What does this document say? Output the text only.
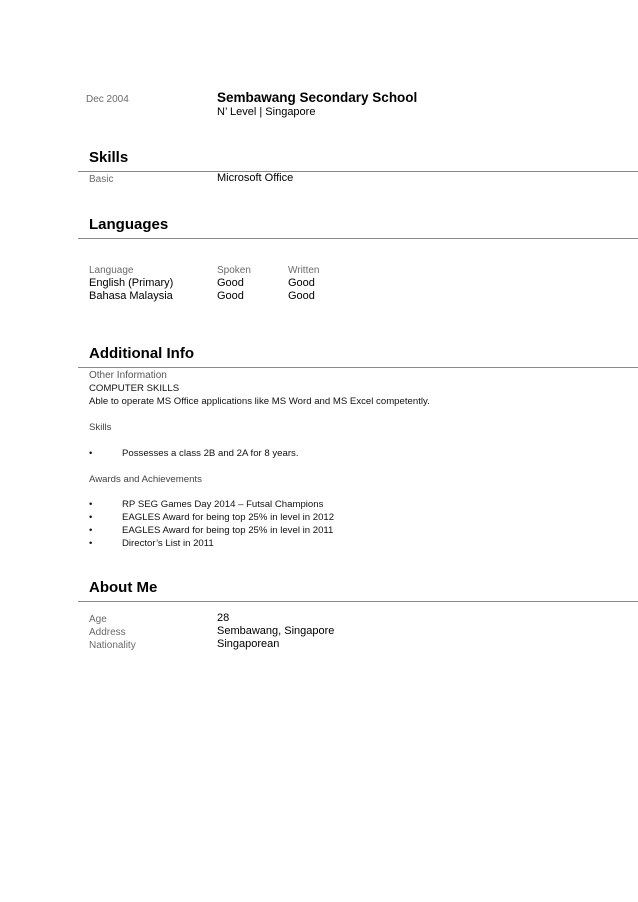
Dec 2004	Sembawang Secondary School
N’ Level | Singapore
Skills
Basic	Microsoft Office
Languages
Language	Spoken	Written
English (Primary)	Good	Good
Bahasa Malaysia	Good	Good
Additional Info
Other Information
COMPUTER SKILLS
Able to operate MS Office applications like MS Word and MS Excel competently.
Skills
•	Possesses a class 2B and 2A for 8 years.
Awards and Achievements
•	RP SEG Games Day 2014 – Futsal Champions
•	EAGLES Award for being top 25% in level in 2012
•	EAGLES Award for being top 25% in level in 2011
•	Director’s List in 2011
About Me
Age	28
Address	Sembawang, Singapore
Nationality	Singaporean
